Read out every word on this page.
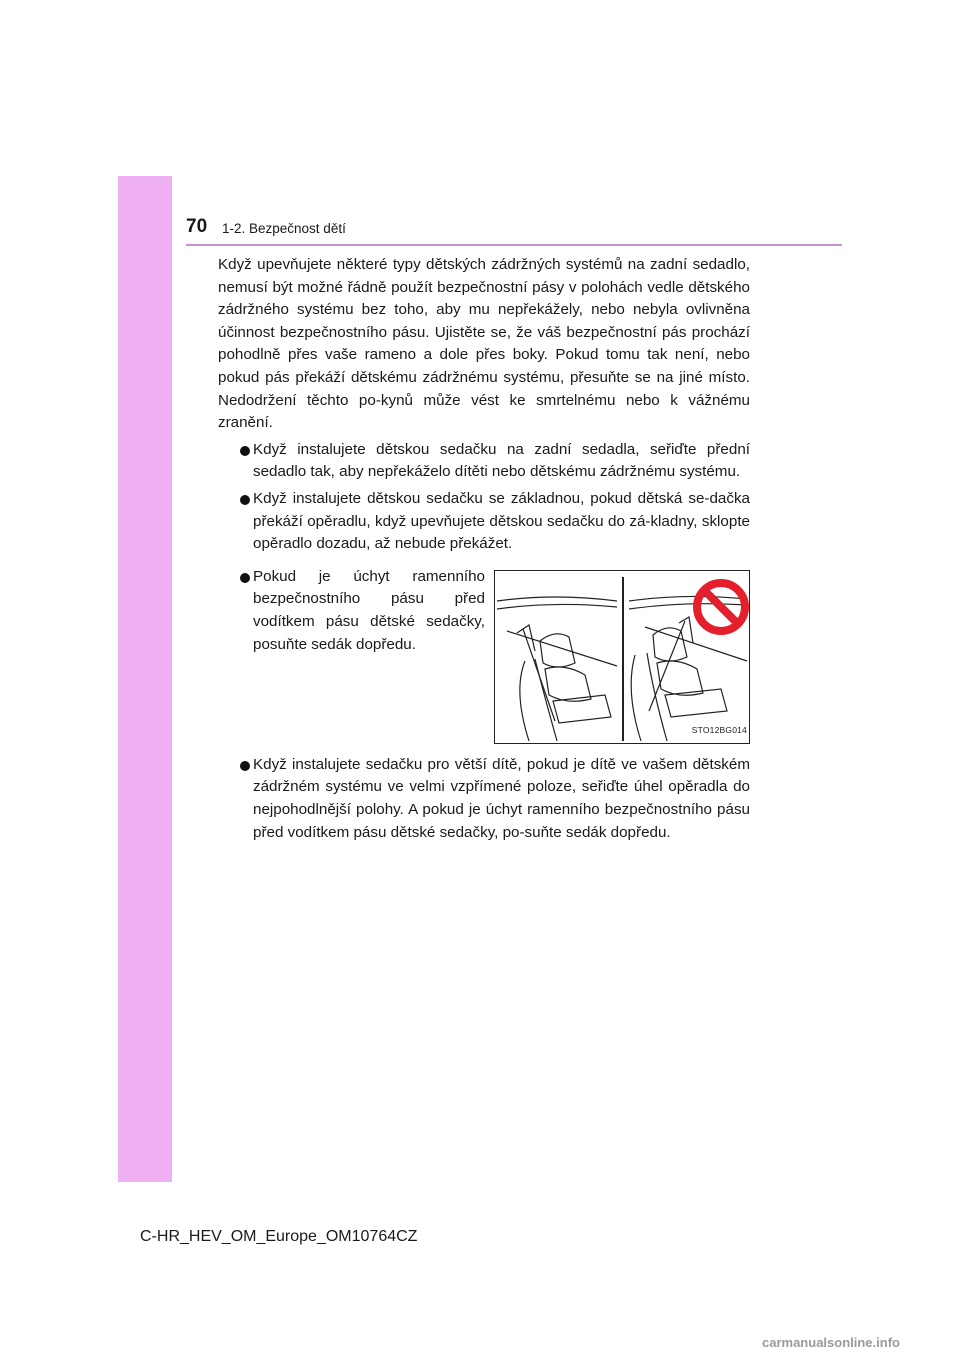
70 1-2. Bezpečnost dětí

Když upevňujete některé typy dětských zádržných systémů na zadní sedadlo, nemusí být možné řádně použít bezpečnostní pásy v polohách vedle dětského zádržného systému bez toho, aby mu nepřekážely, nebo nebyla ovlivněna účinnost bezpečnostního pásu. Ujistěte se, že váš bezpečnostní pás prochází pohodlně přes vaše rameno a dole přes boky. Pokud tomu tak není, nebo pokud pás překáží dětskému zádržnému systému, přesuňte se na jiné místo. Nedodržení těchto po-kynů může vést ke smrtelnému nebo k vážnému zranění.

Když instalujete dětskou sedačku na zadní sedadla, seřiďte přední sedadlo tak, aby nepřekáželo dítěti nebo dětskému zádržnému systému.
Když instalujete dětskou sedačku se základnou, pokud dětská se-dačka překáží opěradlu, když upevňujete dětskou sedačku do zá-kladny, sklopte opěradlo dozadu, až nebude překážet.
Pokud je úchyt ramenního bezpečnostního pásu před vodítkem pásu dětské sedačky, posuňte sedák dopředu.
STO12BG014
Když instalujete sedačku pro větší dítě, pokud je dítě ve vašem dětském zádržném systému ve velmi vzpřímené poloze, seřiďte úhel opěradla do nejpohodlnější polohy. A pokud je úchyt ramenního bezpečnostního pásu před vodítkem pásu dětské sedačky, po-suňte sedák dopředu.
C-HR_HEV_OM_Europe_OM10764CZ
carmanualsonline.info
